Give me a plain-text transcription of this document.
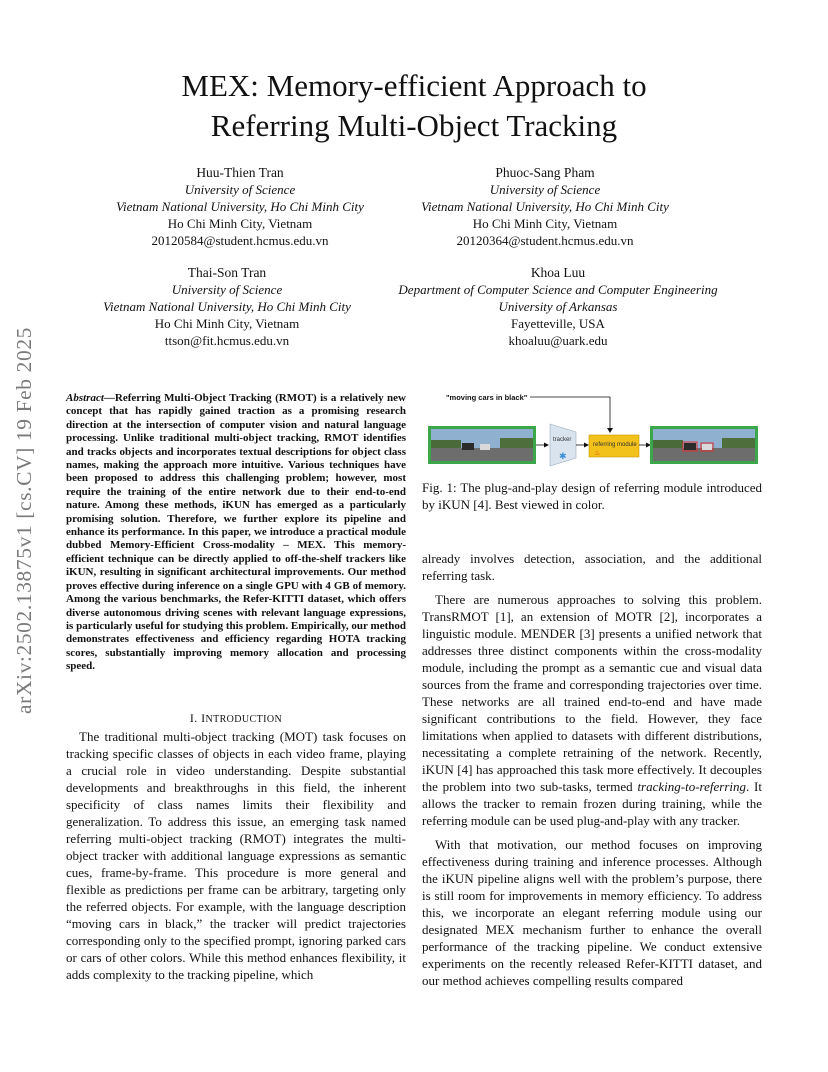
arXiv:2502.13875v1 [cs.CV] 19 Feb 2025
MEX: Memory-efficient Approach to
Referring Multi-Object Tracking
Huu-Thien Tran
University of Science
Vietnam National University, Ho Chi Minh City
Ho Chi Minh City, Vietnam
20120584@student.hcmus.edu.vn
Phuoc-Sang Pham
University of Science
Vietnam National University, Ho Chi Minh City
Ho Chi Minh City, Vietnam
20120364@student.hcmus.edu.vn
Thai-Son Tran
University of Science
Vietnam National University, Ho Chi Minh City
Ho Chi Minh City, Vietnam
ttson@fit.hcmus.edu.vn
Khoa Luu
Department of Computer Science and Computer Engineering
University of Arkansas
Fayetteville, USA
khoaluu@uark.edu
Abstract—Referring Multi-Object Tracking (RMOT) is a relatively new concept that has rapidly gained traction as a promising research direction at the intersection of computer vision and natural language processing. Unlike traditional multi-object tracking, RMOT identifies and tracks objects and incorporates textual descriptions for object class names, making the approach more intuitive. Various techniques have been proposed to address this challenging problem; however, most require the training of the entire network due to their end-to-end nature. Among these methods, iKUN has emerged as a particularly promising solution. Therefore, we further explore its pipeline and enhance its performance. In this paper, we introduce a practical module dubbed Memory-Efficient Cross-modality – MEX. This memory-efficient technique can be directly applied to off-the-shelf trackers like iKUN, resulting in significant architectural improvements. Our method proves effective during inference on a single GPU with 4 GB of memory. Among the various benchmarks, the Refer-KITTI dataset, which offers diverse autonomous driving scenes with relevant language expressions, is particularly useful for studying this problem. Empirically, our method demonstrates effectiveness and efficiency regarding HOTA tracking scores, substantially improving memory allocation and processing speed.
I. INTRODUCTION

The traditional multi-object tracking (MOT) task focuses on tracking specific classes of objects in each video frame, playing a crucial role in video understanding. Despite substantial developments and breakthroughs in this field, the inherent specificity of class names limits their flexibility and generalization. To address this issue, an emerging task named referring multi-object tracking (RMOT) integrates the multi-object tracker with additional language expressions as semantic cues, frame-by-frame. This procedure is more general and flexible as predictions per frame can be arbitrary, targeting only the referred objects. For example, with the language description “moving cars in black,” the tracker will predict trajectories corresponding only to the specified prompt, ignoring parked cars or cars of other colors. While this method enhances flexibility, it adds complexity to the tracking pipeline, which

"moving cars in black"
tracker
✱
referring module
♨
Fig. 1: The plug-and-play design of referring module introduced by iKUN [4]. Best viewed in color.

already involves detection, association, and the additional referring task.

There are numerous approaches to solving this problem. TransRMOT [1], an extension of MOTR [2], incorporates a linguistic module. MENDER [3] presents a unified network that addresses three distinct components within the cross-modality module, including the prompt as a semantic cue and visual data sources from the frame and corresponding trajectories over time. These networks are all trained end-to-end and have made significant contributions to the field. However, they face limitations when applied to datasets with different distributions, necessitating a complete retraining of the network. Recently, iKUN [4] has approached this task more effectively. It decouples the problem into two sub-tasks, termed tracking-to-referring. It allows the tracker to remain frozen during training, while the referring module can be used plug-and-play with any tracker.

With that motivation, our method focuses on improving effectiveness during training and inference processes. Although the iKUN pipeline aligns well with the problem’s purpose, there is still room for improvements in memory efficiency. To address this, we incorporate an elegant referring module using our designated MEX mechanism further to enhance the overall performance of the tracking pipeline. We conduct extensive experiments on the recently released Refer-KITTI dataset, and our method achieves compelling results compared
